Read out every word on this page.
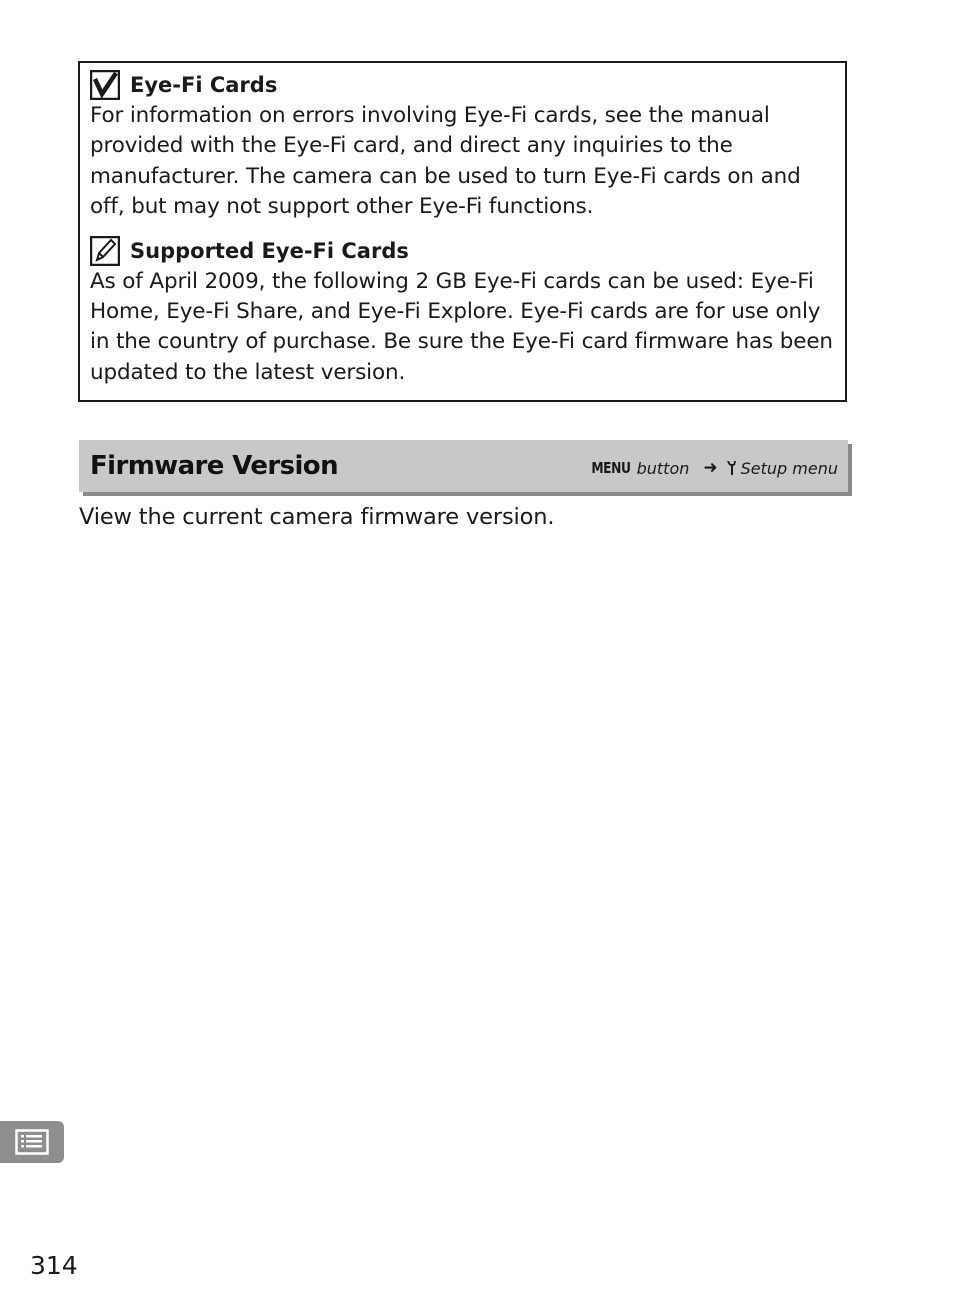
Eye-Fi Cards
For information on errors involving Eye-Fi cards, see the manual provided with the Eye-Fi card, and direct any inquiries to the manufacturer. The camera can be used to turn Eye-Fi cards on and off, but may not support other Eye-Fi functions.
Supported Eye-Fi Cards
As of April 2009, the following 2 GB Eye-Fi cards can be used: Eye-Fi Home, Eye-Fi Share, and Eye-Fi Explore. Eye-Fi cards are for use only in the country of purchase. Be sure the Eye-Fi card firmware has been updated to the latest version.
Firmware Version	MENU button ➜ Setup menu
View the current camera firmware version.
314
